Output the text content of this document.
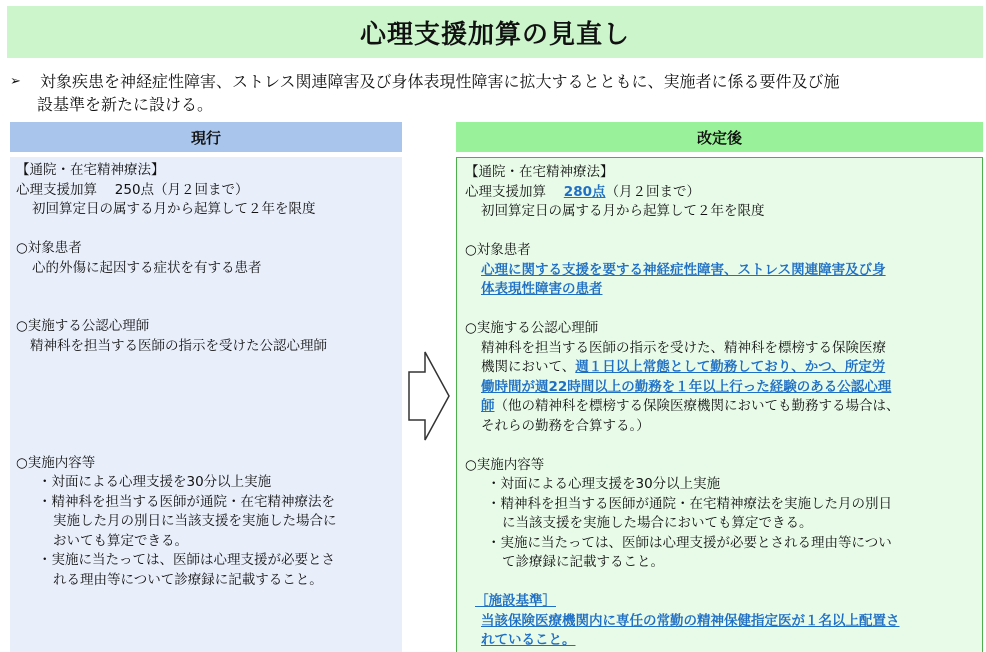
心理支援加算の見直し
➢ 対象疾患を神経症性障害、ストレス関連障害及び身体表現性障害に拡大するとともに、実施者に係る要件及び施
設基準を新たに設ける。
現行	改定後
【通院・在宅精神療法】
心理支援加算　 250点（月２回まで）
初回算定日の属する月から起算して２年を限度
○対象患者
心的外傷に起因する症状を有する患者
○実施する公認心理師
精神科を担当する医師の指示を受けた公認心理師
○実施内容等
・対面による心理支援を30分以上実施
・精神科を担当する医師が通院・在宅精神療法を
実施した月の別日に当該支援を実施した場合に
おいても算定できる。
・実施に当たっては、医師は心理支援が必要とさ
れる理由等について診療録に記載すること。
【通院・在宅精神療法】
心理支援加算　 280点（月２回まで）
初回算定日の属する月から起算して２年を限度
○対象患者
心理に関する支援を要する神経症性障害、ストレス関連障害及び身
体表現性障害の患者
○実施する公認心理師
精神科を担当する医師の指示を受けた、精神科を標榜する保険医療
機関において、週１日以上常態として勤務しており、かつ、所定労
働時間が週22時間以上の勤務を１年以上行った経験のある公認心理
師（他の精神科を標榜する保険医療機関においても勤務する場合は、
それらの勤務を合算する。）
○実施内容等
・対面による心理支援を30分以上実施
・精神科を担当する医師が通院・在宅精神療法を実施した月の別日
に当該支援を実施した場合においても算定できる。
・実施に当たっては、医師は心理支援が必要とされる理由等につい
て診療録に記載すること。
［施設基準］
当該保険医療機関内に専任の常勤の精神保健指定医が１名以上配置さ
れていること。
